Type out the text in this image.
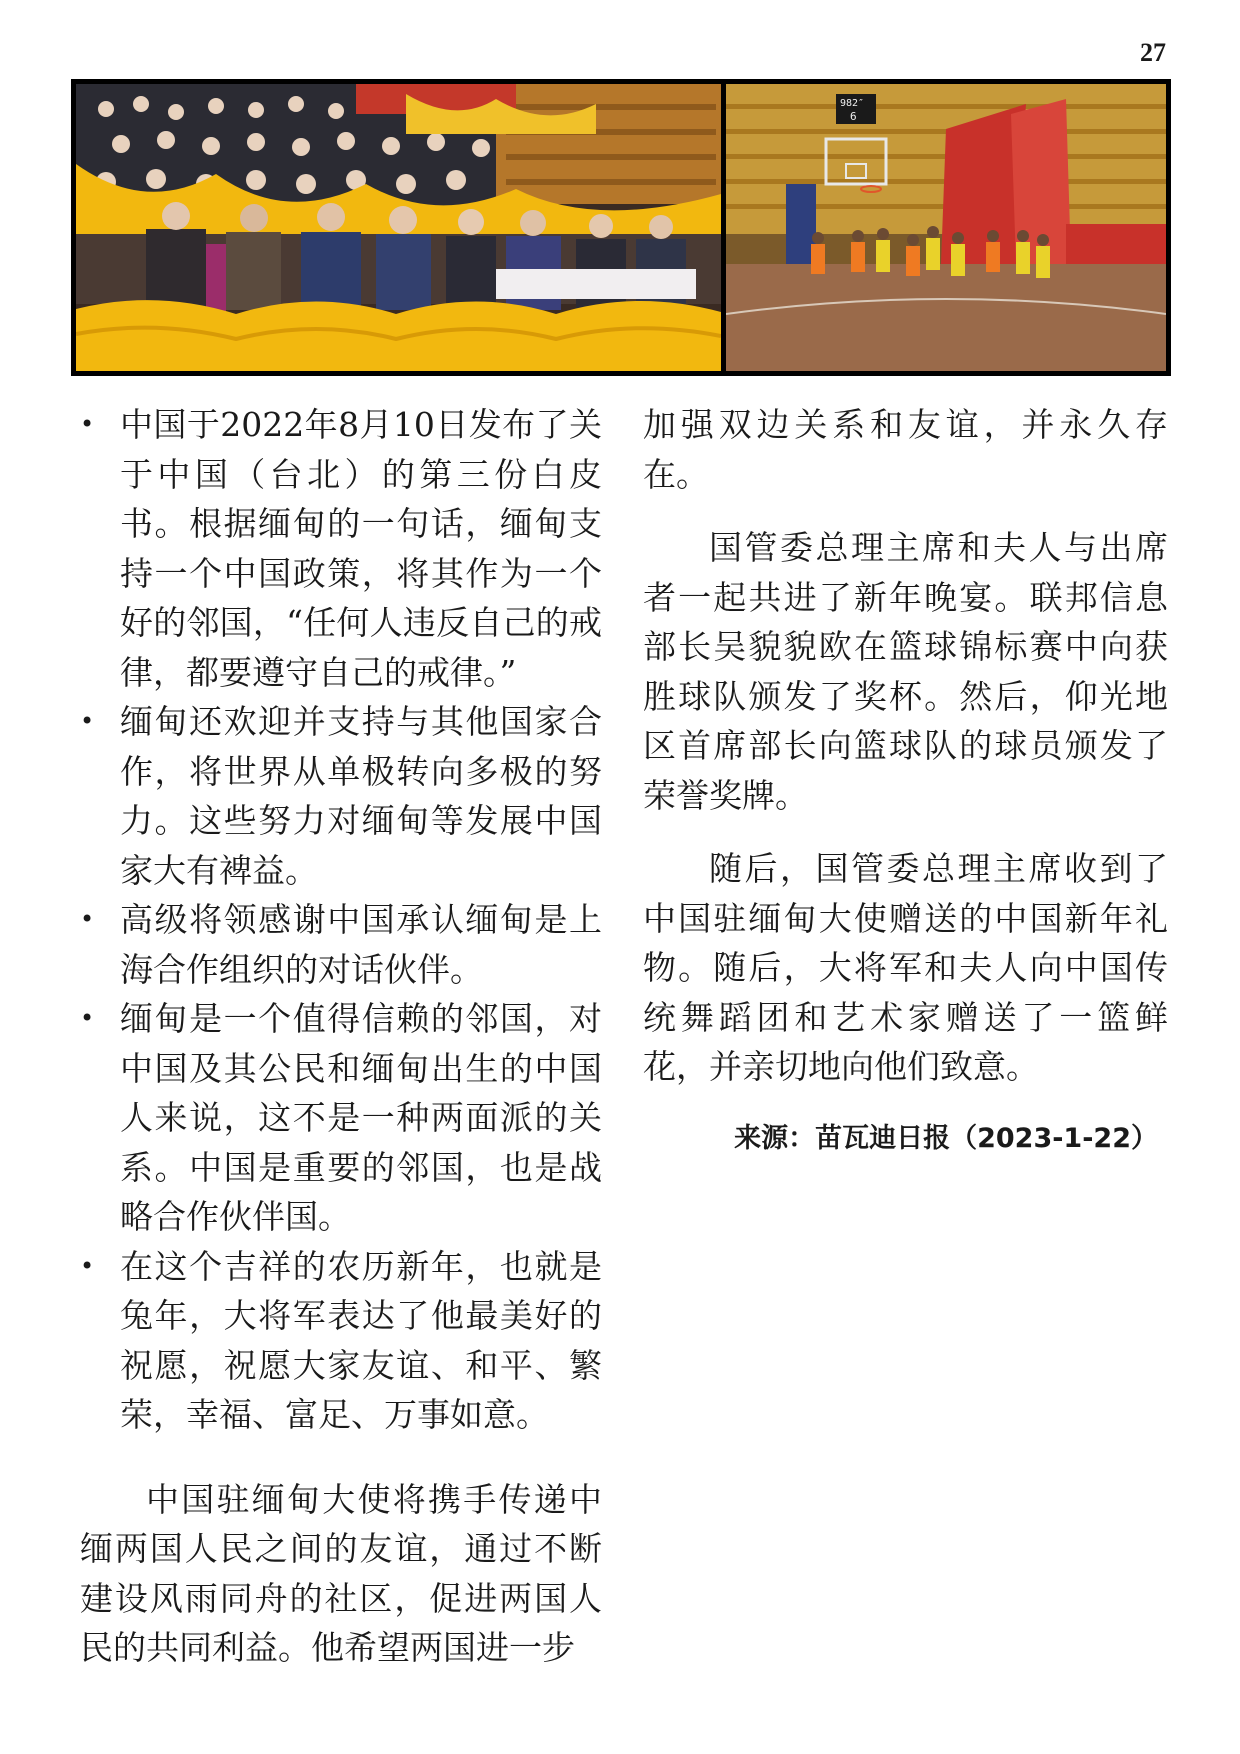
27
982″
6
• 中国于2022年8月10日发布了关于中国（台北）的第三份白皮书。根据缅甸的一句话，缅甸支持一个中国政策，将其作为一个好的邻国，“任何人违反自己的戒律，都要遵守自己的戒律。”
• 缅甸还欢迎并支持与其他国家合作，将世界从单极转向多极的努力。这些努力对缅甸等发展中国家大有裨益。
• 高级将领感谢中国承认缅甸是上海合作组织的对话伙伴。
• 缅甸是一个值得信赖的邻国，对中国及其公民和缅甸出生的中国人来说，这不是一种两面派的关系。中国是重要的邻国，也是战略合作伙伴国。
• 在这个吉祥的农历新年，也就是兔年，大将军表达了他最美好的祝愿，祝愿大家友谊、和平、繁荣，幸福、富足、万事如意。

中国驻缅甸大使将携手传递中缅两国人民之间的友谊，通过不断建设风雨同舟的社区，促进两国人民的共同利益。他希望两国进一步

加强双边关系和友谊，并永久存在。

国管委总理主席和夫人与出席者一起共进了新年晚宴。联邦信息部长吴貌貌欧在篮球锦标赛中向获胜球队颁发了奖杯。然后，仰光地区首席部长向篮球队的球员颁发了荣誉奖牌。

随后，国管委总理主席收到了中国驻缅甸大使赠送的中国新年礼物。随后，大将军和夫人向中国传统舞蹈团和艺术家赠送了一篮鲜花，并亲切地向他们致意。

来源：苗瓦迪日报（2023-1-22）
